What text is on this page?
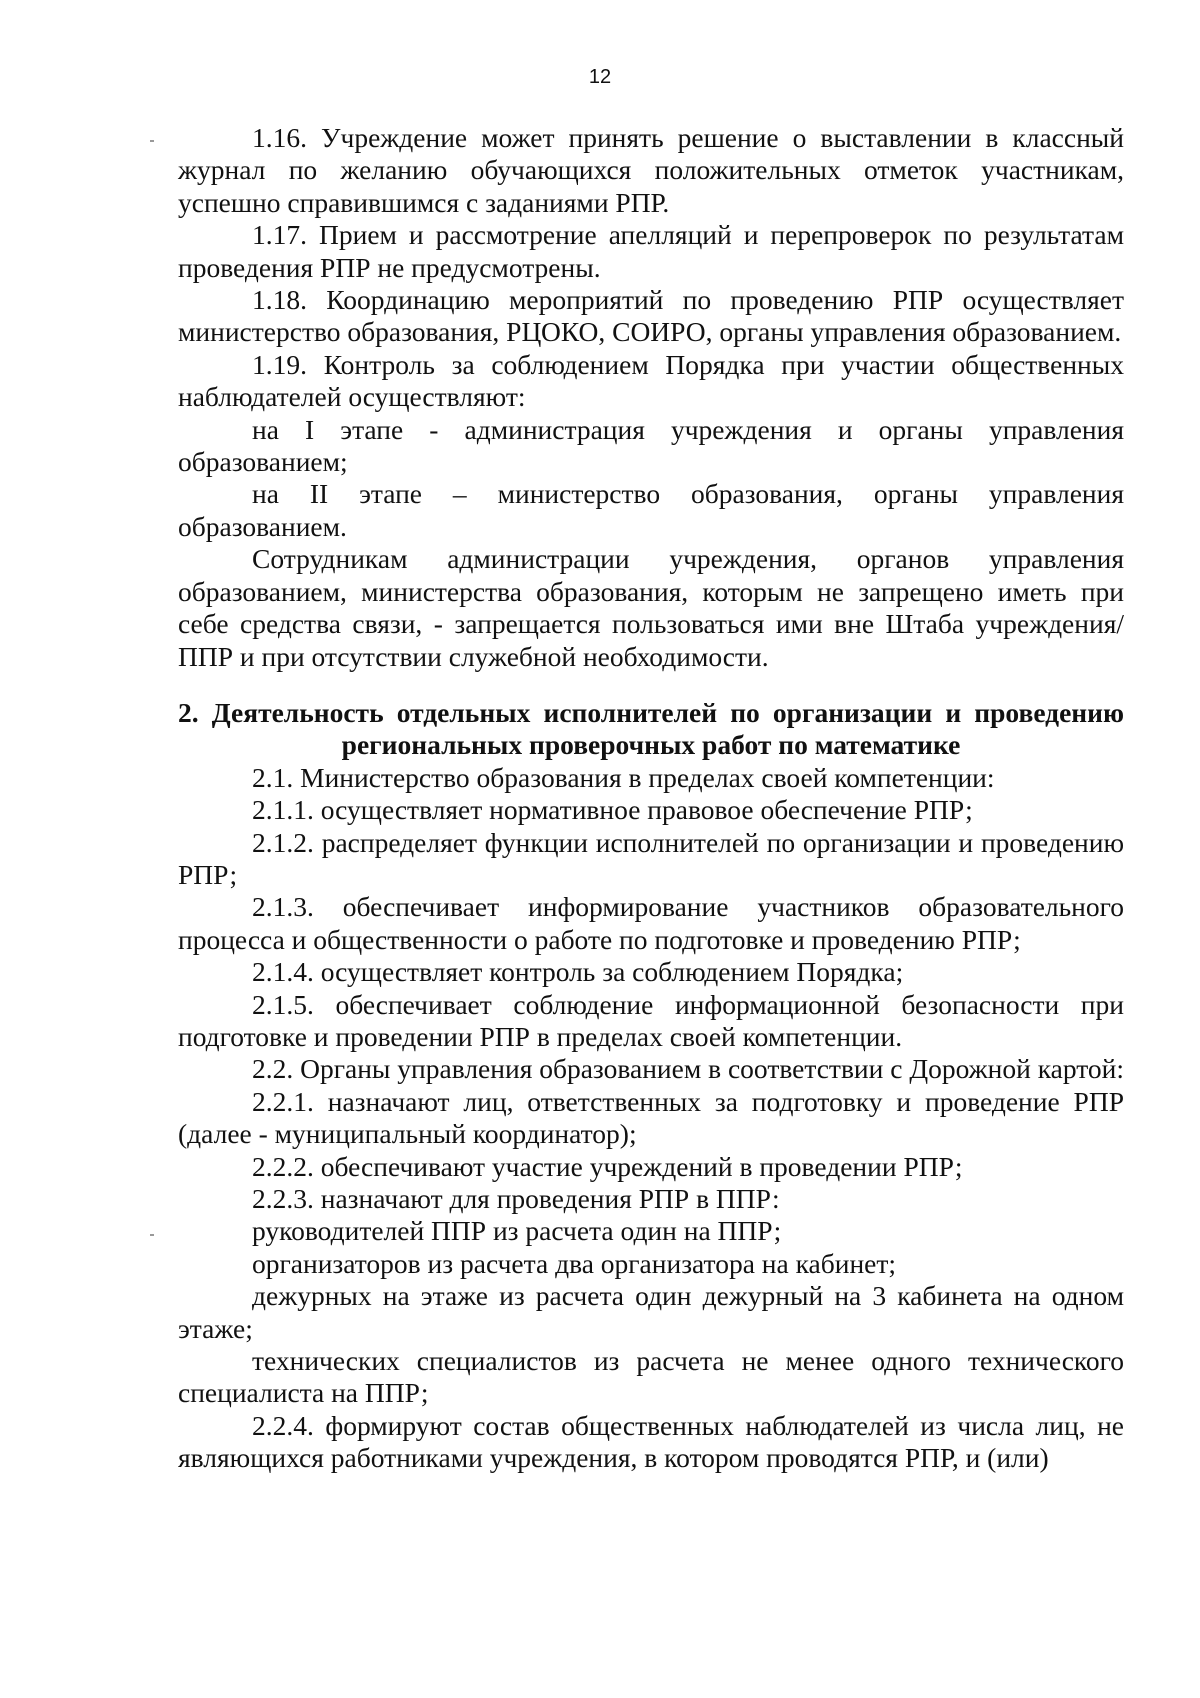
12

1.16. Учреждение может принять решение о выставлении в классный журнал по желанию обучающихся положительных отметок участникам, успешно справившимся с заданиями РПР.

1.17. Прием и рассмотрение апелляций и перепроверок по результатам проведения РПР не предусмотрены.

1.18. Координацию мероприятий по проведению РПР осуществляет министерство образования, РЦОКО, СОИРО, органы управления образованием.

1.19. Контроль за соблюдением Порядка при участии общественных наблюдателей осуществляют:

на I этапе - администрация учреждения и органы управления образованием;

на II этапе – министерство образования, органы управления образованием.

Сотрудникам администрации учреждения, органов управления образованием, министерства образования, которым не запрещено иметь при себе средства связи, - запрещается пользоваться ими вне Штаба учреждения/ППР и при отсутствии служебной необходимости.

2. Деятельность отдельных исполнителей по организации и проведению
региональных проверочных работ по математике

2.1. Министерство образования в пределах своей компетенции:

2.1.1. осуществляет нормативное правовое обеспечение РПР;

2.1.2. распределяет функции исполнителей по организации и проведению РПР;

2.1.3. обеспечивает информирование участников образовательного процесса и общественности о работе по подготовке и проведению РПР;

2.1.4. осуществляет контроль за соблюдением Порядка;

2.1.5. обеспечивает соблюдение информационной безопасности при подготовке и проведении РПР в пределах своей компетенции.

2.2. Органы управления образованием в соответствии с Дорожной картой:

2.2.1. назначают лиц, ответственных за подготовку и проведение РПР (далее - муниципальный координатор);

2.2.2. обеспечивают участие учреждений в проведении РПР;

2.2.3. назначают для проведения РПР в ППР:

руководителей ППР из расчета один на ППР;

организаторов из расчета два организатора на кабинет;

дежурных на этаже из расчета один дежурный на 3 кабинета на одном этаже;

технических специалистов из расчета не менее одного технического специалиста на ППР;

2.2.4. формируют состав общественных наблюдателей из числа лиц, не являющихся работниками учреждения, в котором проводятся РПР, и (или)
